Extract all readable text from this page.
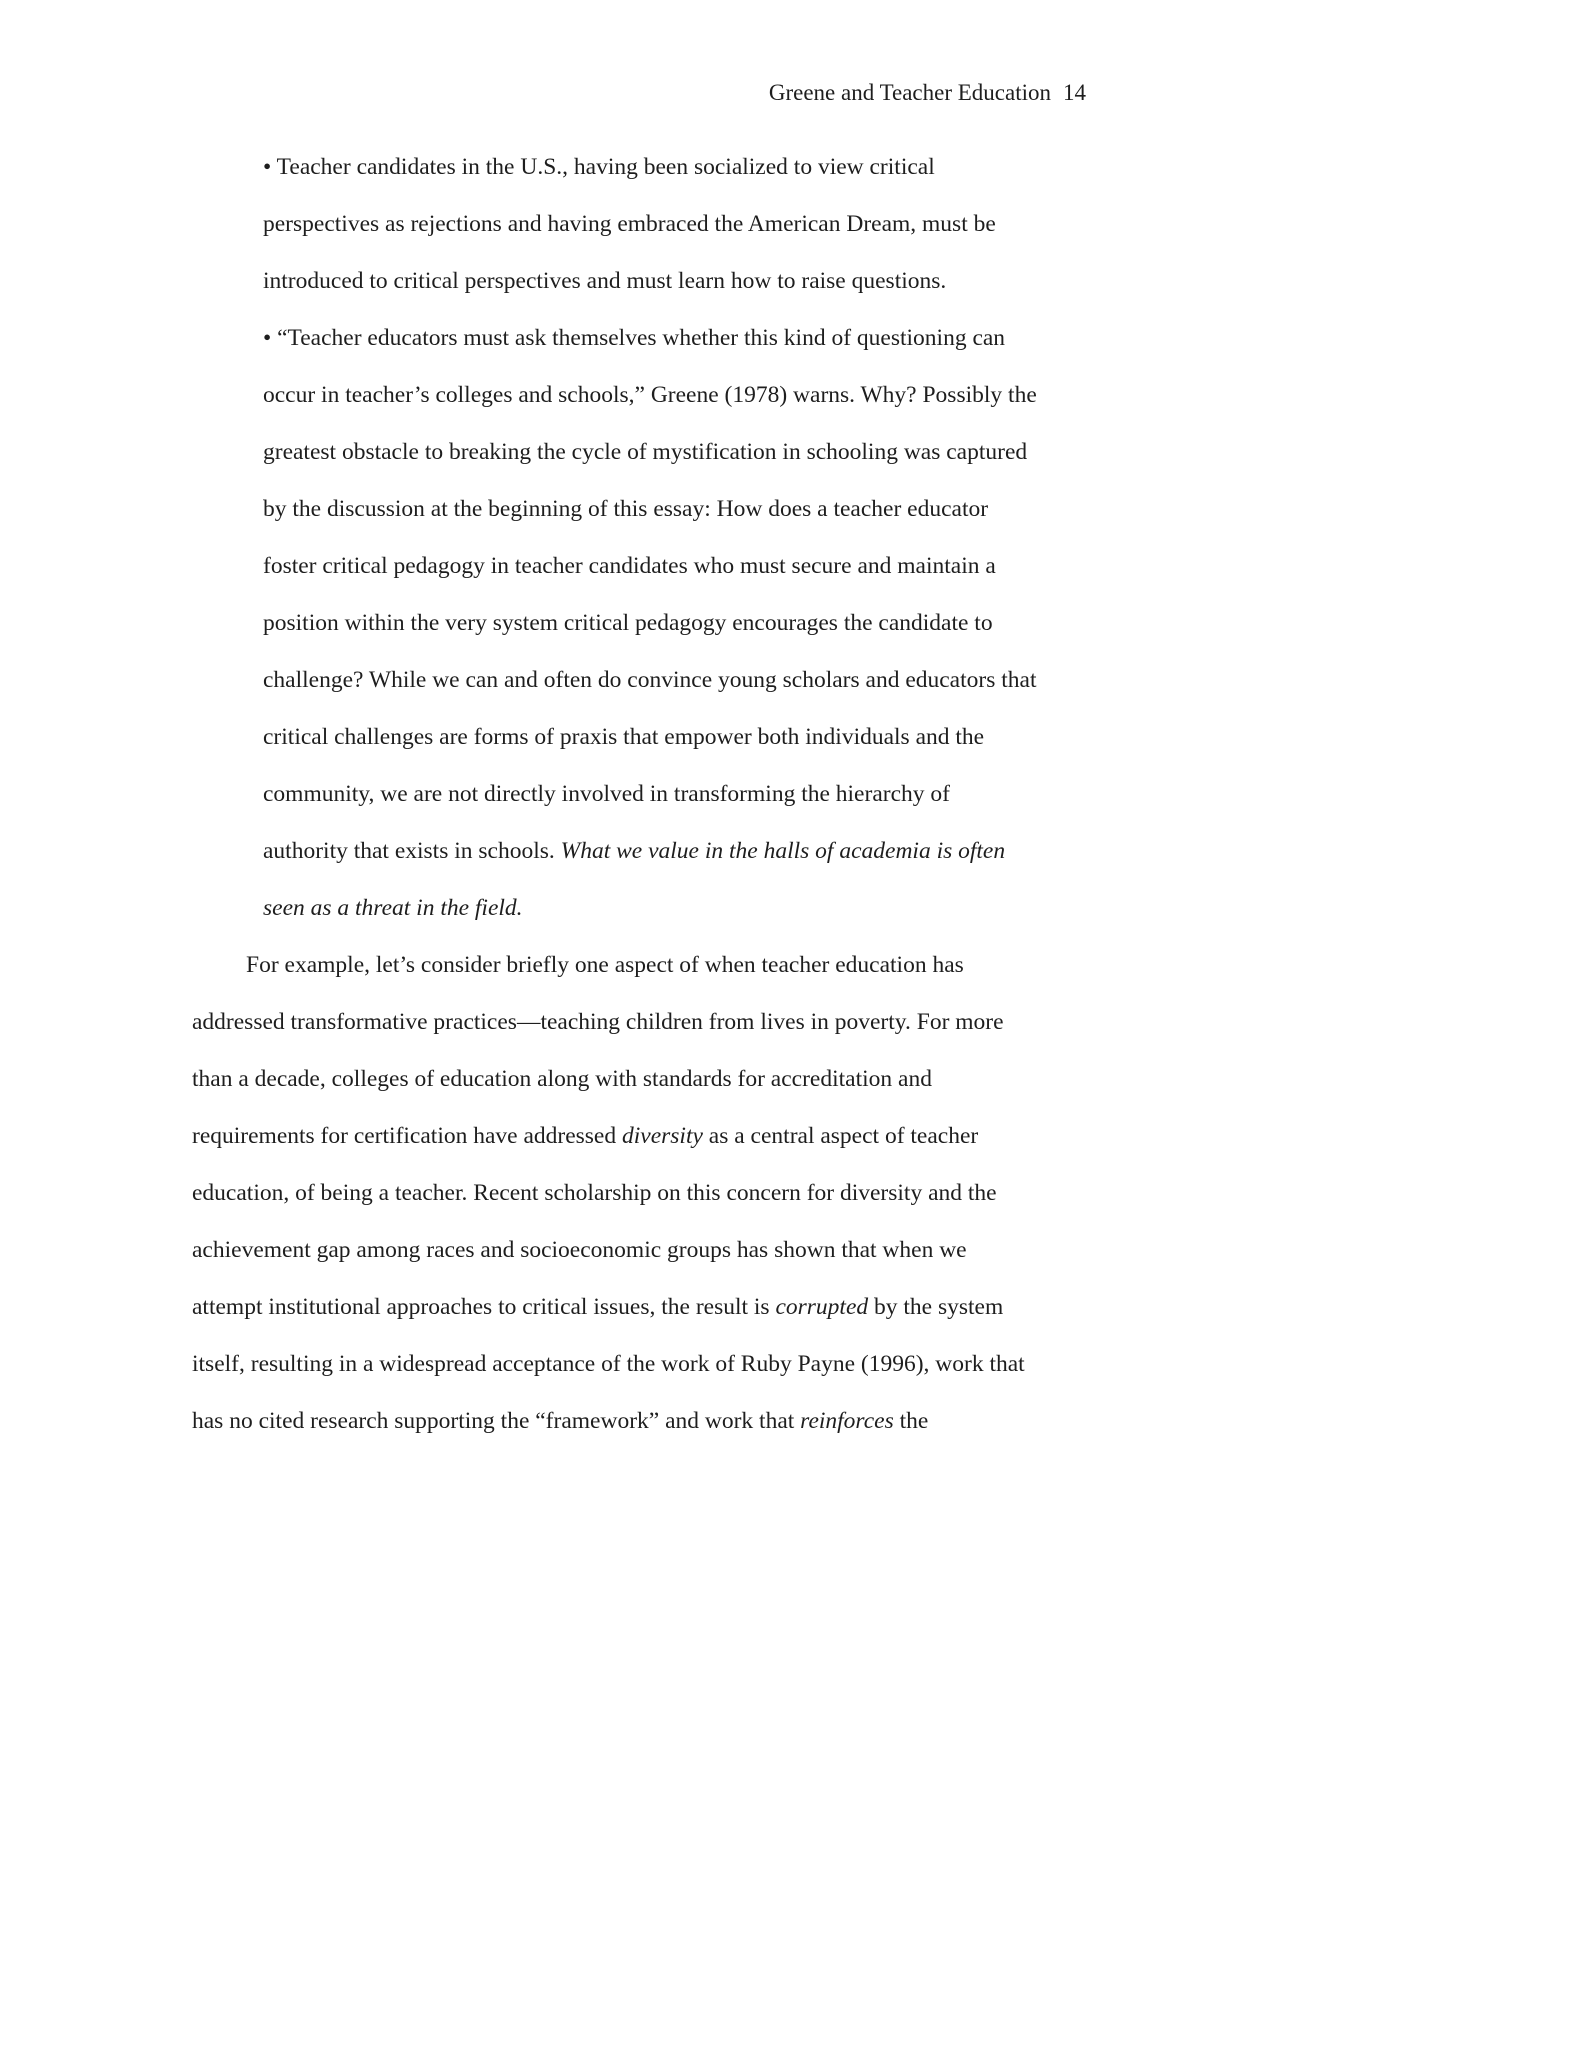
Greene and Teacher Education 14
• Teacher candidates in the U.S., having been socialized to view critical
perspectives as rejections and having embraced the American Dream, must be
introduced to critical perspectives and must learn how to raise questions.
• “Teacher educators must ask themselves whether this kind of questioning can
occur in teacher’s colleges and schools,” Greene (1978) warns. Why? Possibly the
greatest obstacle to breaking the cycle of mystification in schooling was captured
by the discussion at the beginning of this essay: How does a teacher educator
foster critical pedagogy in teacher candidates who must secure and maintain a
position within the very system critical pedagogy encourages the candidate to
challenge? While we can and often do convince young scholars and educators that
critical challenges are forms of praxis that empower both individuals and the
community, we are not directly involved in transforming the hierarchy of
authority that exists in schools. What we value in the halls of academia is often
seen as a threat in the field.
For example, let’s consider briefly one aspect of when teacher education has
addressed transformative practices—teaching children from lives in poverty. For more
than a decade, colleges of education along with standards for accreditation and
requirements for certification have addressed diversity as a central aspect of teacher
education, of being a teacher. Recent scholarship on this concern for diversity and the
achievement gap among races and socioeconomic groups has shown that when we
attempt institutional approaches to critical issues, the result is corrupted by the system
itself, resulting in a widespread acceptance of the work of Ruby Payne (1996), work that
has no cited research supporting the “framework” and work that reinforces the
